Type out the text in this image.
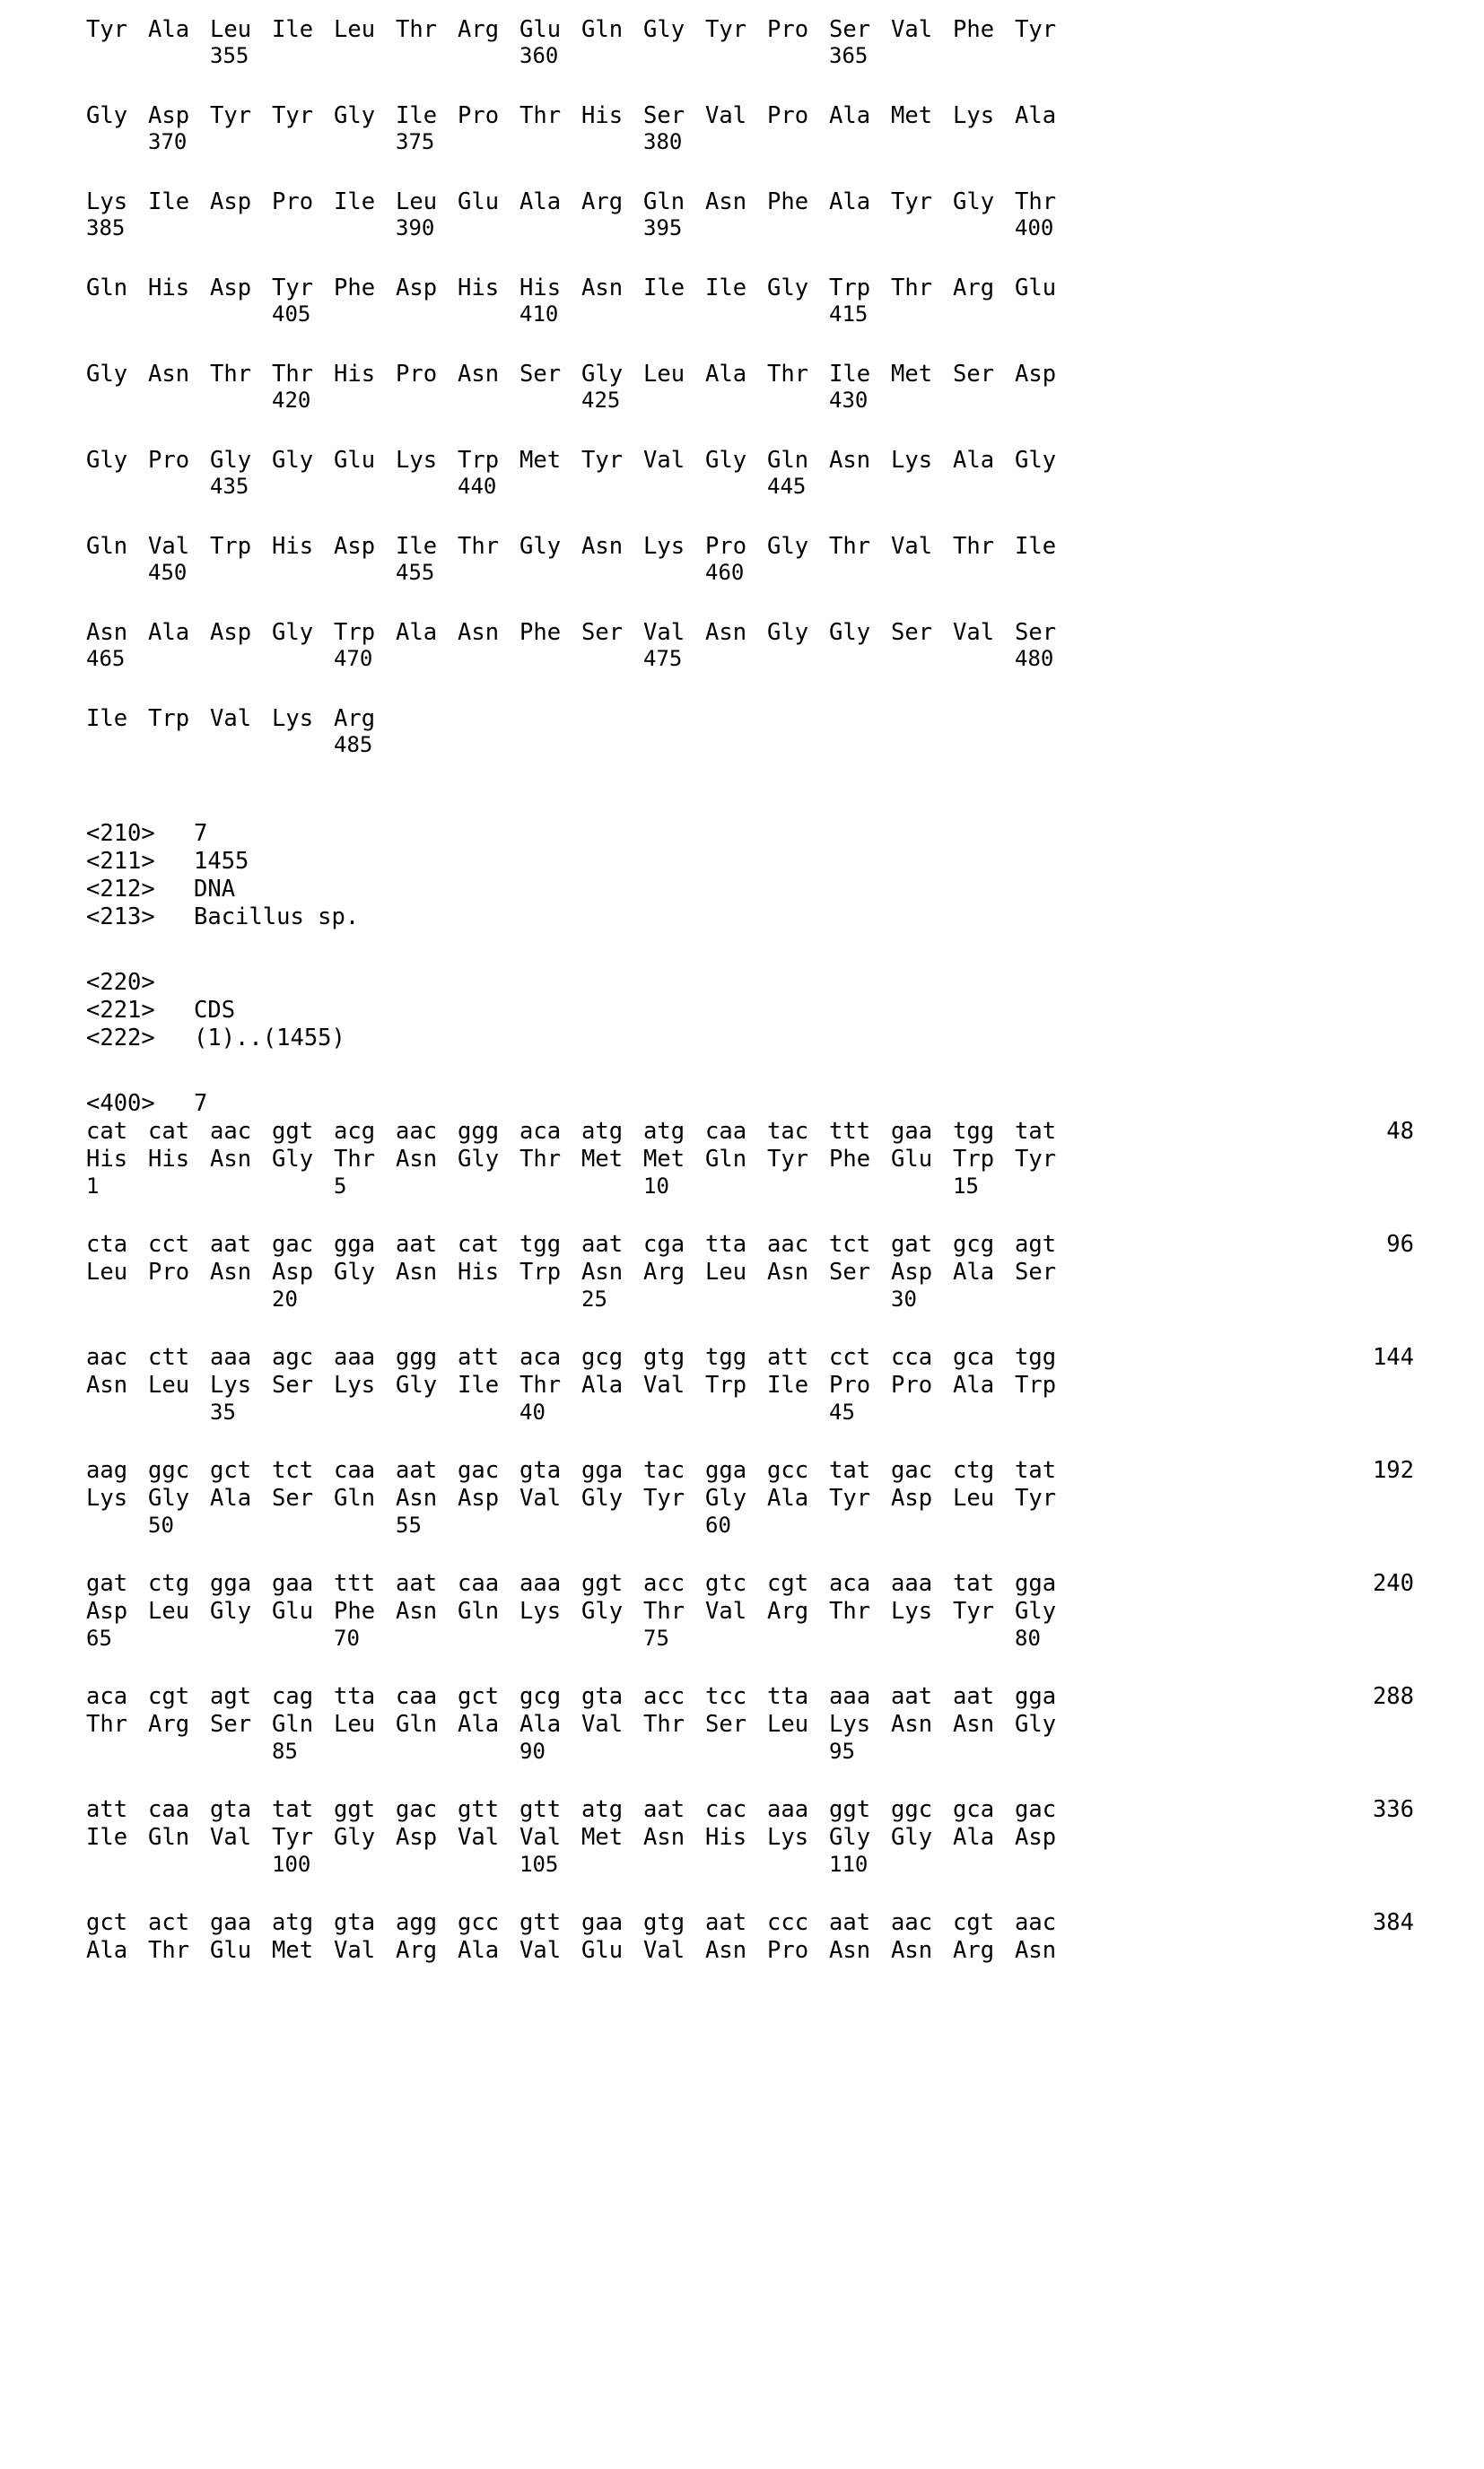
Tyr Ala Leu Ile Leu Thr Arg Glu Gln Gly Tyr Pro Ser Val Phe Tyr
355	360	365
Gly Asp Tyr Tyr Gly Ile Pro Thr His Ser Val Pro Ala Met Lys Ala
370	375	380
Lys Ile Asp Pro Ile Leu Glu Ala Arg Gln Asn Phe Ala Tyr Gly Thr
385	390	395	400
Gln His Asp Tyr Phe Asp His His Asn Ile Ile Gly Trp Thr Arg Glu
405	410	415
Gly Asn Thr Thr His Pro Asn Ser Gly Leu Ala Thr Ile Met Ser Asp
420	425	430
Gly Pro Gly Gly Glu Lys Trp Met Tyr Val Gly Gln Asn Lys Ala Gly
435	440	445
Gln Val Trp His Asp Ile Thr Gly Asn Lys Pro Gly Thr Val Thr Ile
450	455	460
Asn Ala Asp Gly Trp Ala Asn Phe Ser Val Asn Gly Gly Ser Val Ser
465	470	475	480
Ile Trp Val Lys Arg
485
<210>	7
<211>	1455
<212>	DNA
<213>	Bacillus sp.
<220>
<221>	CDS
<222>	(1)..(1455)
<400>	7
cat cat aac ggt acg aac ggg aca atg atg caa tac ttt gaa tgg tat
His His Asn Gly Thr Asn Gly Thr Met Met Gln Tyr Phe Glu Trp Tyr
1	5	10	15
48
cta cct aat gac gga aat cat tgg aat cga tta aac tct gat gcg agt
Leu Pro Asn Asp Gly Asn His Trp Asn Arg Leu Asn Ser Asp Ala Ser
20	25	30
96
aac ctt aaa agc aaa ggg att aca gcg gtg tgg att cct cca gca tgg
Asn Leu Lys Ser Lys Gly Ile Thr Ala Val Trp Ile Pro Pro Ala Trp
35	40	45
144
aag ggc gct tct caa aat gac gta gga tac gga gcc tat gac ctg tat
Lys Gly Ala Ser Gln Asn Asp Val Gly Tyr Gly Ala Tyr Asp Leu Tyr
50	55	60
192
gat ctg gga gaa ttt aat caa aaa ggt acc gtc cgt aca aaa tat gga
Asp Leu Gly Glu Phe Asn Gln Lys Gly Thr Val Arg Thr Lys Tyr Gly
65	70	75	80
240
aca cgt agt cag tta caa gct gcg gta acc tcc tta aaa aat aat gga
Thr Arg Ser Gln Leu Gln Ala Ala Val Thr Ser Leu Lys Asn Asn Gly
85	90	95
288
att caa gta tat ggt gac gtt gtt atg aat cac aaa ggt ggc gca gac
Ile Gln Val Tyr Gly Asp Val Val Met Asn His Lys Gly Gly Ala Asp
100	105	110
336
gct act gaa atg gta agg gcc gtt gaa gtg aat ccc aat aac cgt aac
Ala Thr Glu Met Val Arg Ala Val Glu Val Asn Pro Asn Asn Arg Asn
384
